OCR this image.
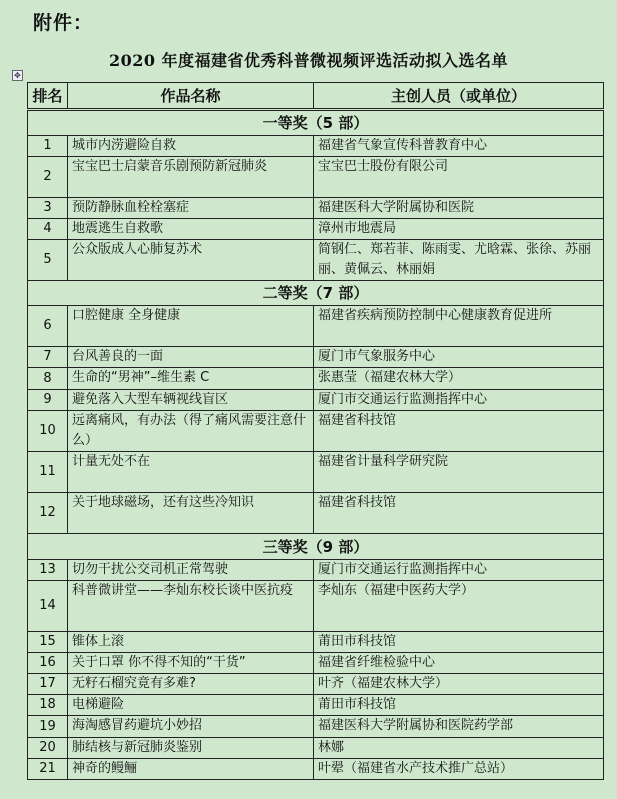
附件：
2020 年度福建省优秀科普微视频评选活动拟入选名单
✥
排名	作品名称	主创人员（或单位）
一等奖（5 部）		
1	城市内涝避险自救	福建省气象宣传科普教育中心
2	宝宝巴士启蒙音乐剧预防新冠肺炎	宝宝巴士股份有限公司
3	预防静脉血栓栓塞症	福建医科大学附属协和医院
4	地震逃生自救歌	漳州市地震局
5	公众版成人心肺复苏术	简钢仁、郑若菲、陈雨雯、尤晗霖、张徐、苏丽丽、黄佩云、林丽娟
二等奖（7 部）		
6	口腔健康 全身健康	福建省疾病预防控制中心健康教育促进所
7	台风善良的一面	厦门市气象服务中心
8	生命的“男神”–维生素 C	张惠莹（福建农林大学）
9	避免落入大型车辆视线盲区	厦门市交通运行监测指挥中心
10	远离痛风，有办法（得了痛风需要注意什么）	福建省科技馆
11	计量无处不在	福建省计量科学研究院
12	关于地球磁场，还有这些冷知识	福建省科技馆
三等奖（9 部）		
13	切勿干扰公交司机正常驾驶	厦门市交通运行监测指挥中心
14	科普微讲堂——李灿东校长谈中医抗疫	李灿东（福建中医药大学）
15	锥体上滚	莆田市科技馆
16	关于口罩 你不得不知的“干货”	福建省纤维检验中心
17	无籽石榴究竟有多难?	叶齐（福建农林大学）
18	电梯避险	莆田市科技馆
19	海淘感冒药避坑小妙招	福建医科大学附属协和医院药学部
20	肺结核与新冠肺炎鉴别	林娜
21	神奇的鳗鲡	叶翚（福建省水产技术推广总站）
